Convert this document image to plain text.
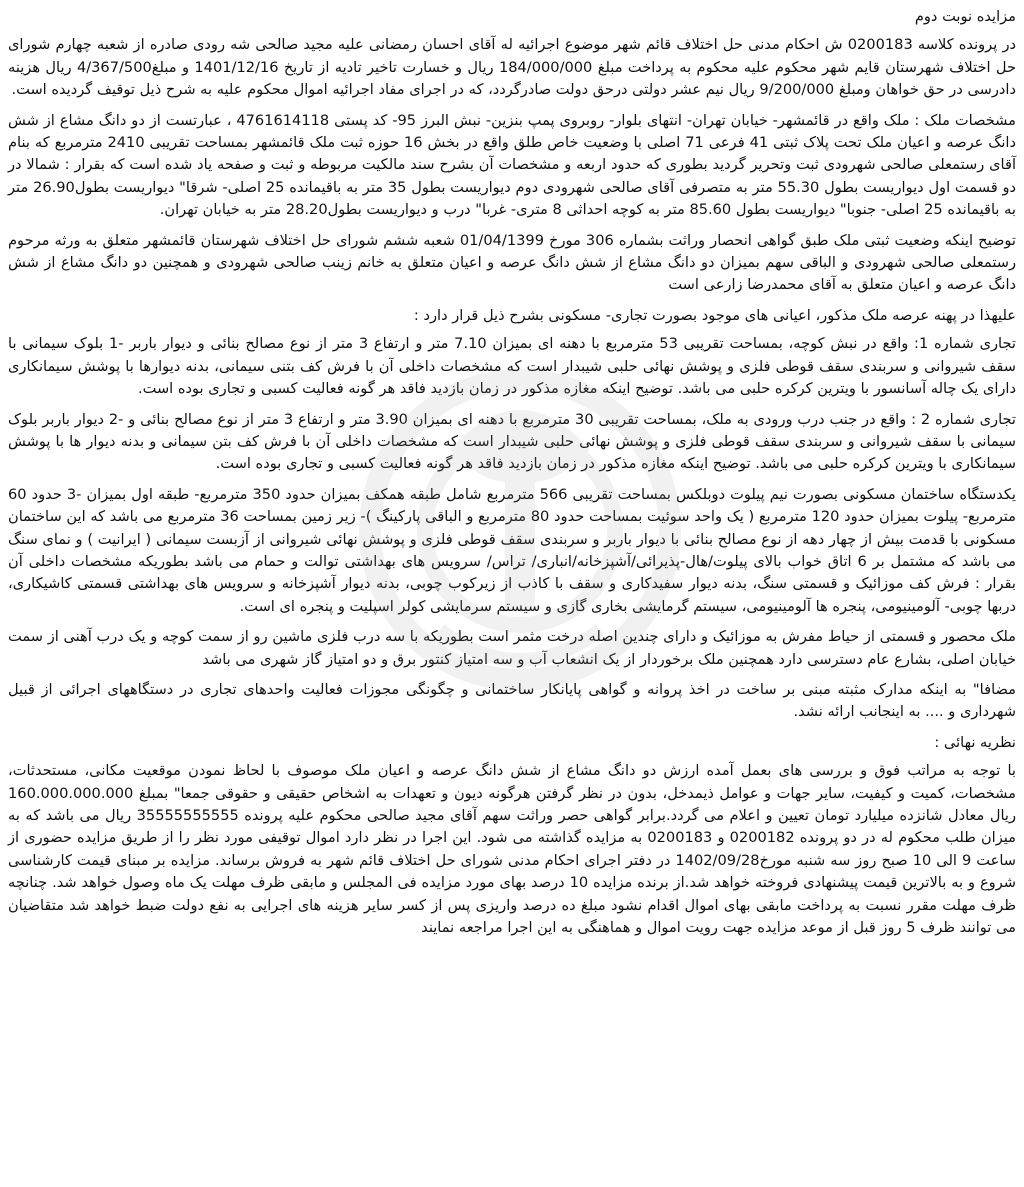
مزایده نوبت دوم
در پرونده کلاسه 0200183 ش احکام مدنی حل اختلاف قائم شهر موضوع اجرائیه له آقای احسان رمضانی علیه مجید صالحی شه رودی صادره از شعبه چهارم شورای حل اختلاف شهرستان قایم شهر محکوم علیه محکوم به پرداخت مبلغ 184/000/000 ریال و خسارت تاخیر تادیه از تاریخ 1401/12/16 و مبلغ4/367/500 ریال هزینه دادرسی در حق خواهان ومبلغ 9/200/000 ریال نیم عشر دولتی درحق دولت صادرگردد، که در اجرای مفاد اجرائیه اموال محکوم علیه به شرح ذیل توقیف گردیده است.
مشخصات ملک : ملک واقع در قائمشهر- خیابان تهران- انتهای بلوار- روبروی پمپ بنزین- نبش البرز 95- کد پستی 4761614118 ، عبارتست از دو دانگ مشاع از شش دانگ عرصه و اعیان ملک تحت پلاک ثبتی 41 فرعی 71 اصلی با وضعیت خاص طلق واقع در بخش 16 حوزه ثبت ملک قائمشهر بمساحت تقریبی 2410 مترمربع که بنام آقای رستمعلی صالحی شهرودی ثبت وتحریر گردید بطوری که حدود اربعه و مشخصات آن بشرح سند مالکیت مربوطه و ثبت و صفحه یاد شده است که بقرار : شمالا در دو قسمت اول دیواریست بطول 55.30 متر به متصرفی آقای صالحی شهرودی دوم دیواریست بطول 35 متر به باقیمانده 25 اصلی- شرقا" دیواریست بطول26.90 متر به باقیمانده 25 اصلی- جنوبا" دیواریست بطول 85.60 متر به کوچه احداثی 8 متری- غربا" درب و دیواریست بطول28.20 متر به خیابان تهران.
توضیح اینکه وضعیت ثبتی ملک طبق گواهی انحصار وراثت بشماره 306 مورخ 01/04/1399 شعبه ششم شورای حل اختلاف شهرستان قائمشهر متعلق به ورثه مرحوم رستمعلی صالحی شهرودی و الباقی سهم بمیزان دو دانگ مشاع از شش دانگ عرصه و اعیان متعلق به خانم زینب صالحی شهرودی و همچنین دو دانگ مشاع از شش دانگ عرصه و اعیان متعلق به آقای محمدرضا زارعی است
علیهذا در پهنه عرصه ملک مذکور، اعیانی های موجود بصورت تجاری- مسکونی بشرح ذیل قرار دارد :
تجاری شماره 1: واقع در نبش کوچه، بمساحت تقریبی 53 مترمربع با دهنه ای بمیزان 7.10 متر و ارتفاع 3 متر از نوع مصالح بنائی و دیوار باربر -1 بلوک سیمانی با سقف شیروانی و سربندی سقف قوطی فلزی و پوشش نهائی حلبی شیبدار است که مشخصات داخلی آن با فرش کف بتنی سیمانی، بدنه دیوارها با پوشش سیمانکاری دارای یک چاله آسانسور با ویترین کرکره حلبی می باشد. توضیح اینکه مغازه مذکور در زمان بازدید فاقد هر گونه فعالیت کسبی و تجاری بوده است.
تجاری شماره 2 : واقع در جنب درب ورودی به ملک، بمساحت تقریبی 30 مترمربع با دهنه ای بمیزان 3.90 متر و ارتفاع 3 متر از نوع مصالح بنائی و -2 دیوار باربر بلوک سیمانی با سقف شیروانی و سربندی سقف قوطی فلزی و پوشش نهائی حلبی شیبدار است که مشخصات داخلی آن با فرش کف بتن سیمانی و بدنه دیوار ها با پوشش سیمانکاری با ویترین کرکره حلبی می باشد. توضیح اینکه مغازه مذکور در زمان بازدید فاقد هر گونه فعالیت کسبی و تجاری بوده است.
یکدستگاه ساختمان مسکونی بصورت نیم پیلوت دوبلکس بمساحت تقریبی 566 مترمربع شامل طبقه همکف بمیزان حدود 350 مترمربع- طبقه اول بمیزان -3 حدود 60 مترمربع- پیلوت بمیزان حدود 120 مترمربع ( یک واحد سوئیت بمساحت حدود 80 مترمربع و الباقی پارکینگ )- زیر زمین بمساحت 36 مترمربع می باشد که این ساختمان مسکونی با قدمت بیش از چهار دهه از نوع مصالح بنائی با دیوار باربر و سربندی سقف قوطی فلزی و پوشش نهائی شیروانی از آزبست سیمانی ( ایرانیت ) و نمای سنگ می باشد که مشتمل بر 6 اتاق خواب بالای پیلوت/هال-پذیرائی/آشپزخانه/انباری/ تراس/ سرویس های بهداشتی توالت و حمام می باشد بطوریکه مشخصات داخلی آن بقرار : فرش کف موزائیک و قسمتی سنگ، بدنه دیوار سفیدکاری و سقف با کاذب از زیرکوب چوبی، بدنه دیوار آشپزخانه و سرویس های بهداشتی قسمتی کاشیکاری، دربها چوبی- آلومینیومی، پنجره ها آلومینیومی، سیستم گرمایشی بخاری گازی و سیستم سرمایشی کولر اسپلیت و پنجره ای است.
ملک محصور و قسمتی از حیاط مفرش به موزائیک و دارای چندین اصله درخت مثمر است بطوریکه با سه درب فلزی ماشین رو از سمت کوچه و یک درب آهنی از سمت خیابان اصلی، بشارع عام دسترسی دارد همچنین ملک برخوردار از یک انشعاب آب و سه امتیاز کنتور برق و دو امتیاز گاز شهری می باشد
مضافا" به اینکه مدارک مثبته مبنی بر ساخت در اخذ پروانه و گواهی پایانکار ساختمانی و چگونگی مجوزات فعالیت واحدهای تجاری در دستگاههای اجرائی از قبیل شهرداری و .... به اینجانب ارائه نشد.
نظریه نهائی :
با توجه به مراتب فوق و بررسی های بعمل آمده ارزش دو دانگ مشاع از شش دانگ عرصه و اعیان ملک موصوف با لحاظ نمودن موقعیت مکانی، مستحدثات، مشخصات، کمیت و کیفیت، سایر جهات و عوامل ذیمدخل، بدون در نظر گرفتن هرگونه دیون و تعهدات به اشخاص حقیقی و حقوقی جمعا" بمبلغ 160.000.000.000 ریال معادل شانزده میلیارد تومان تعیین و اعلام می گردد.برابر گواهی حصر وراثت سهم آقای مجید صالحی محکوم علیه پرونده 35555555555 ریال می باشد که به میزان طلب محکوم له در دو پرونده 0200182 و 0200183 به مزایده گذاشته می شود. این اجرا در نظر دارد اموال توقیفی مورد نظر را از طریق مزایده حضوری از ساعت 9 الی 10 صبح روز سه شنبه مورخ1402/09/28 در دفتر اجرای احکام مدنی شورای حل اختلاف قائم شهر به فروش برساند. مزایده بر مبنای قیمت کارشناسی شروع و به بالاترین قیمت پیشنهادی فروخته خواهد شد.از برنده مزایده 10 درصد بهای مورد مزایده فی المجلس و مابقی ظرف مهلت یک ماه وصول خواهد شد. چنانچه ظرف مهلت مقرر نسبت به پرداخت مابقی بهای اموال اقدام نشود مبلغ ده درصد واریزی پس از کسر سایر هزینه های اجرایی به نفع دولت ضبط خواهد شد متقاضیان می توانند ظرف 5 روز قبل از موعد مزایده جهت رویت اموال و هماهنگی به این اجرا مراجعه نمایند
